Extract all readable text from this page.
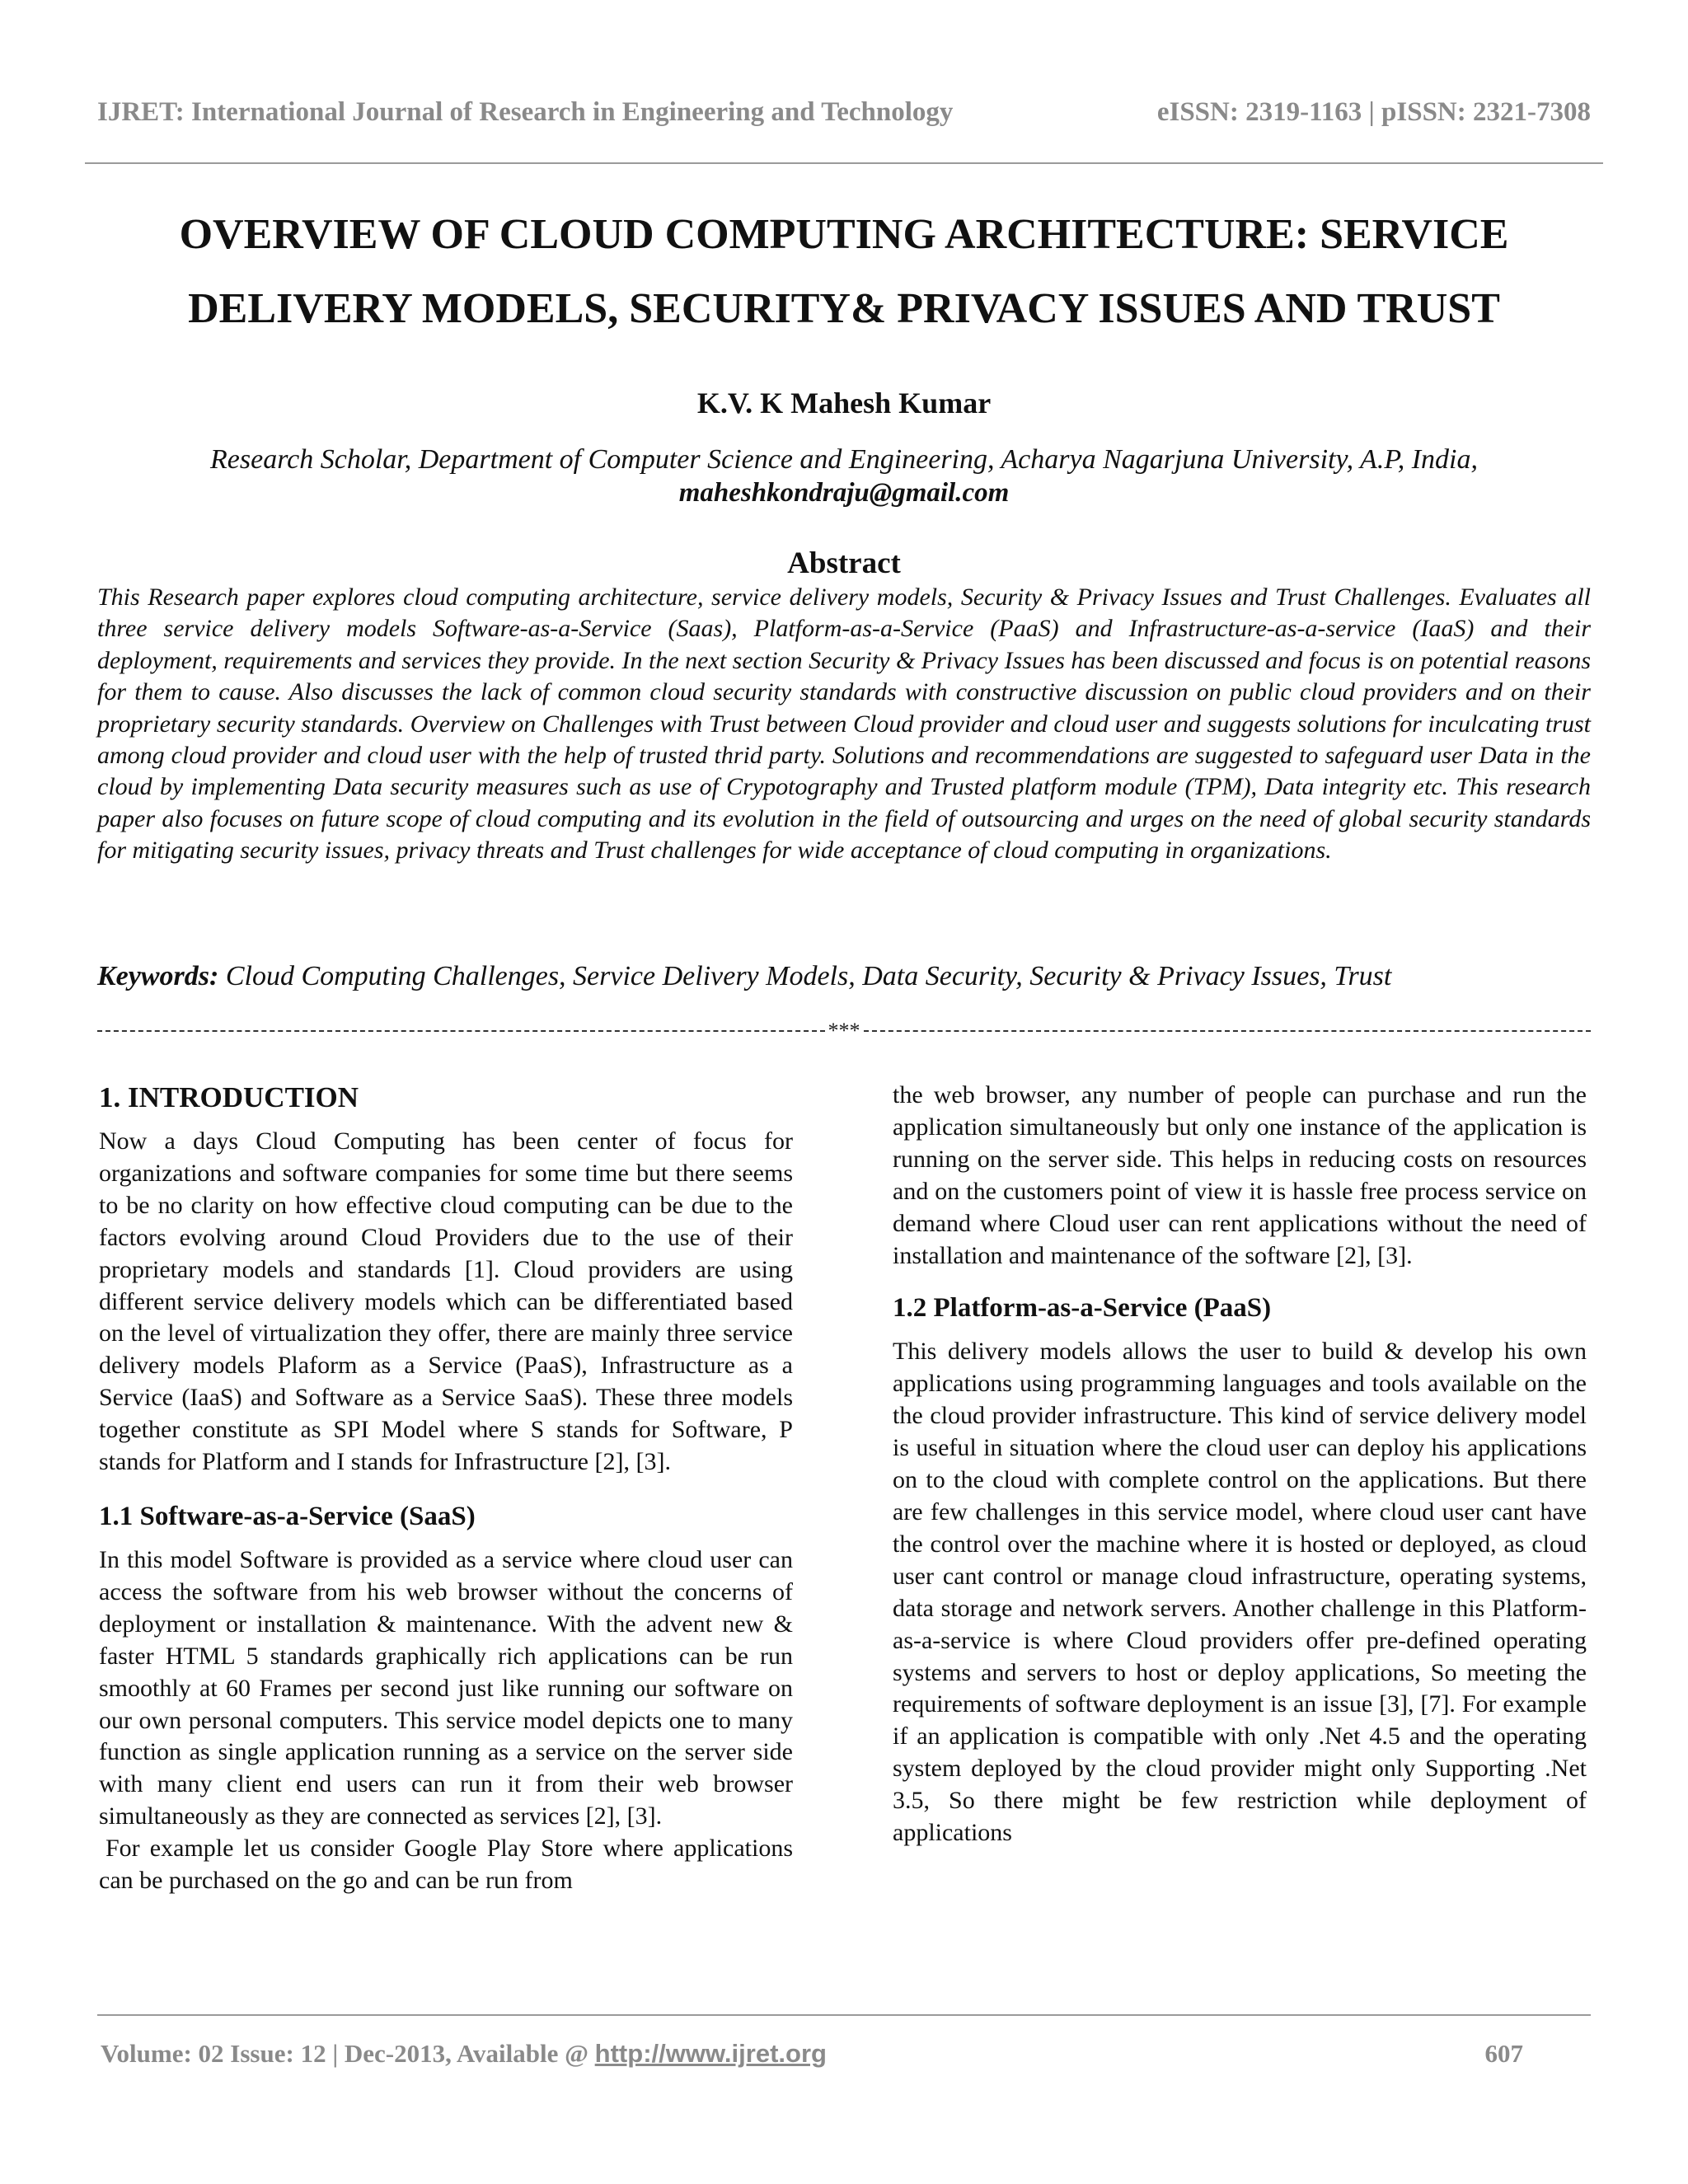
IJRET: International Journal of Research in Engineering and Technology	eISSN: 2319-1163 | pISSN: 2321-7308
OVERVIEW OF CLOUD COMPUTING ARCHITECTURE: SERVICE
DELIVERY MODELS, SECURITY& PRIVACY ISSUES AND TRUST
K.V. K Mahesh Kumar
Research Scholar, Department of Computer Science and Engineering, Acharya Nagarjuna University, A.P, India,
maheshkondraju@gmail.com
Abstract

This Research paper explores cloud computing architecture, service delivery models, Security & Privacy Issues and Trust Challenges. Evaluates all three service delivery models Software-as-a-Service (Saas), Platform-as-a-Service (PaaS) and Infrastructure-as-a-service (IaaS) and their deployment, requirements and services they provide. In the next section Security & Privacy Issues has been discussed and focus is on potential reasons for them to cause. Also discusses the lack of common cloud security standards with constructive discussion on public cloud providers and on their proprietary security standards. Overview on Challenges with Trust between Cloud provider and cloud user and suggests solutions for inculcating trust among cloud provider and cloud user with the help of trusted thrid party. Solutions and recommendations are suggested to safeguard user Data in the cloud by implementing Data security measures such as use of Crypotography and Trusted platform module (TPM), Data integrity etc. This research paper also focuses on future scope of cloud computing and its evolution in the field of outsourcing and urges on the need of global security standards for mitigating security issues, privacy threats and Trust challenges for wide acceptance of cloud computing in organizations.

Keywords: Cloud Computing Challenges, Service Delivery Models, Data Security, Security & Privacy Issues, Trust
***
1. INTRODUCTION

Now a days Cloud Computing has been center of focus for organizations and software companies for some time but there seems to be no clarity on how effective cloud computing can be due to the factors evolving around Cloud Providers due to the use of their proprietary models and standards [1]. Cloud providers are using different service delivery models which can be differentiated based on the level of virtualization they offer, there are mainly three service delivery models Plaform as a Service (PaaS), Infrastructure as a Service (IaaS) and Software as a Service SaaS). These three models together constitute as SPI Model where S stands for Software, P stands for Platform and I stands for Infrastructure [2], [3].

1.1 Software-as-a-Service (SaaS)

In this model Software is provided as a service where cloud user can access the software from his web browser without the concerns of deployment or installation & maintenance. With the advent new & faster HTML 5 standards graphically rich applications can be run smoothly at 60 Frames per second just like running our software on our own personal computers. This service model depicts one to many function as single application running as a service on the server side with many client end users can run it from their web browser simultaneously as they are connected as services [2], [3].

For example let us consider Google Play Store where applications can be purchased on the go and can be run from

the web browser, any number of people can purchase and run the application simultaneously but only one instance of the application is running on the server side. This helps in reducing costs on resources and on the customers point of view it is hassle free process service on demand where Cloud user can rent applications without the need of installation and maintenance of the software [2], [3].

1.2 Platform-as-a-Service (PaaS)

This delivery models allows the user to build & develop his own applications using programming languages and tools available on the the cloud provider infrastructure. This kind of service delivery model is useful in situation where the cloud user can deploy his applications on to the cloud with complete control on the applications. But there are few challenges in this service model, where cloud user cant have the control over the machine where it is hosted or deployed, as cloud user cant control or manage cloud infrastructure, operating systems, data storage and network servers. Another challenge in this Platform-as-a-service is where Cloud providers offer pre-defined operating systems and servers to host or deploy applications, So meeting the requirements of software deployment is an issue [3], [7]. For example if an application is compatible with only .Net 4.5 and the operating system deployed by the cloud provider might only Supporting .Net 3.5, So there might be few restriction while deployment of applications

Volume: 02 Issue: 12 | Dec-2013, Available @ http://www.ijret.org	607
